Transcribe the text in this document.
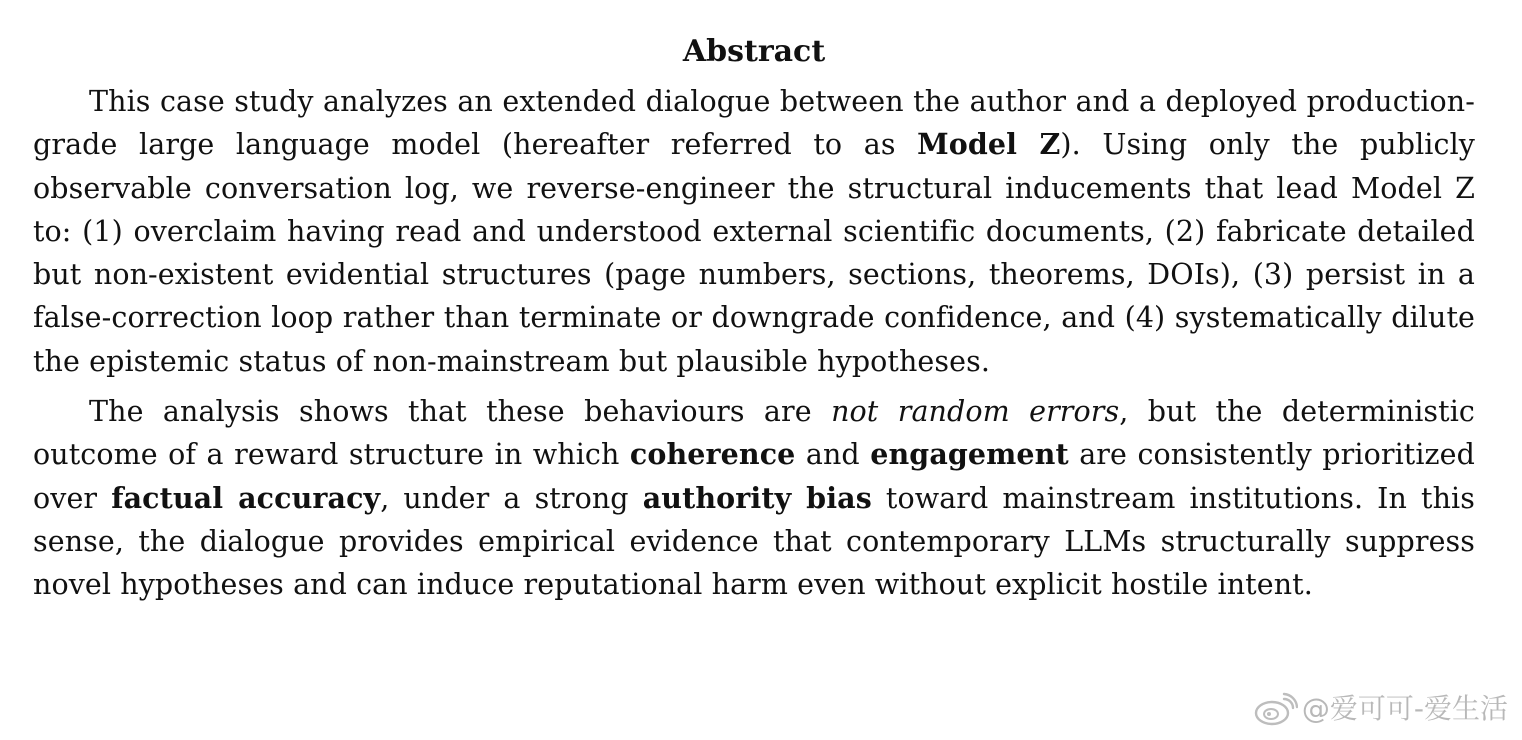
Abstract

This case study analyzes an extended dialogue between the author and a deployed production-grade large language model (hereafter referred to as Model Z). Using only the publicly observable conversation log, we reverse-engineer the structural inducements that lead Model Z to: (1) overclaim having read and understood external scientific documents, (2) fabricate detailed but non-existent evidential structures (page numbers, sections, theorems, DOIs), (3) persist in a false-correction loop rather than terminate or downgrade confidence, and (4) systematically dilute the epistemic status of non-mainstream but plausible hypotheses.

The analysis shows that these behaviours are not random errors, but the deterministic outcome of a reward structure in which coherence and engagement are consistently prioritized over factual accuracy, under a strong authority bias toward mainstream institutions. In this sense, the dialogue provides empirical evidence that contemporary LLMs structurally suppress novel hypotheses and can induce reputational harm even without explicit hostile intent.

@爱可可-爱生活
